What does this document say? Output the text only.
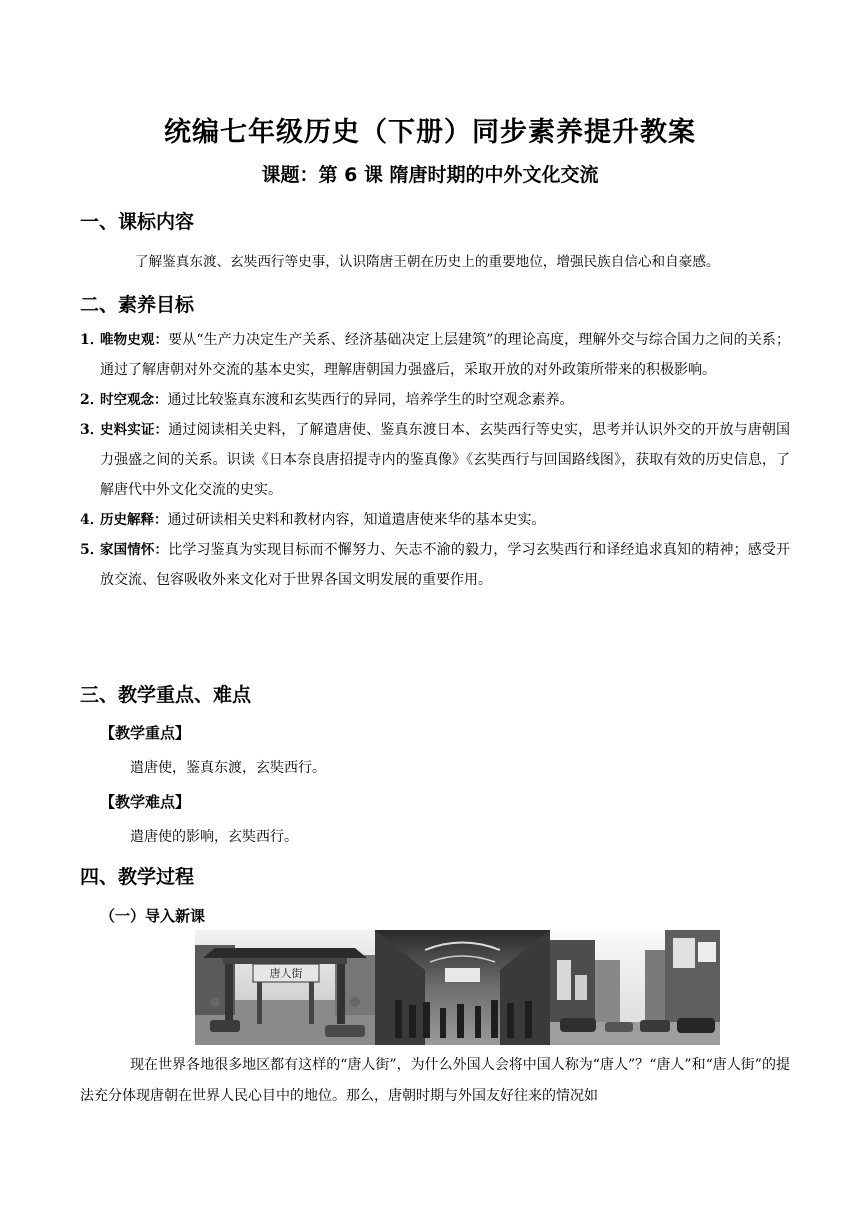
统编七年级历史（下册）同步素养提升教案
课题：第 6 课 隋唐时期的中外文化交流
一、课标内容
了解鉴真东渡、玄奘西行等史事，认识隋唐王朝在历史上的重要地位，增强民族自信心和自豪感。
二、素养目标
1．
唯物史观：要从“生产力决定生产关系、经济基础决定上层建筑”的理论高度，理解外交与综合国力之间的关系；通过了解唐朝对外交流的基本史实，理解唐朝国力强盛后，采取开放的对外政策所带来的积极影响。
2．
时空观念：通过比较鉴真东渡和玄奘西行的异同，培养学生的时空观念素养。
3．
史料实证：通过阅读相关史料，了解遣唐使、鉴真东渡日本、玄奘西行等史实，思考并认识外交的开放与唐朝国力强盛之间的关系。识读《日本奈良唐招提寺内的鉴真像》《玄奘西行与回国路线图》，获取有效的历史信息，了解唐代中外文化交流的史实。
4．
历史解释：通过研读相关史料和教材内容，知道遣唐使来华的基本史实。
5．
家国情怀：比学习鉴真为实现目标而不懈努力、矢志不渝的毅力，学习玄奘西行和译经追求真知的精神；感受开放交流、包容吸收外来文化对于世界各国文明发展的重要作用。
三、教学重点、难点
【教学重点】
遣唐使，鉴真东渡，玄奘西行。
【教学难点】
遣唐使的影响，玄奘西行。
四、教学过程
（一）导入新课
唐人街

现在世界各地很多地区都有这样的“唐人街”，为什么外国人会将中国人称为“唐人”？“唐人”和“唐人街”的提法充分体现唐朝在世界人民心目中的地位。那么，唐朝时期与外国友好往来的情况如
